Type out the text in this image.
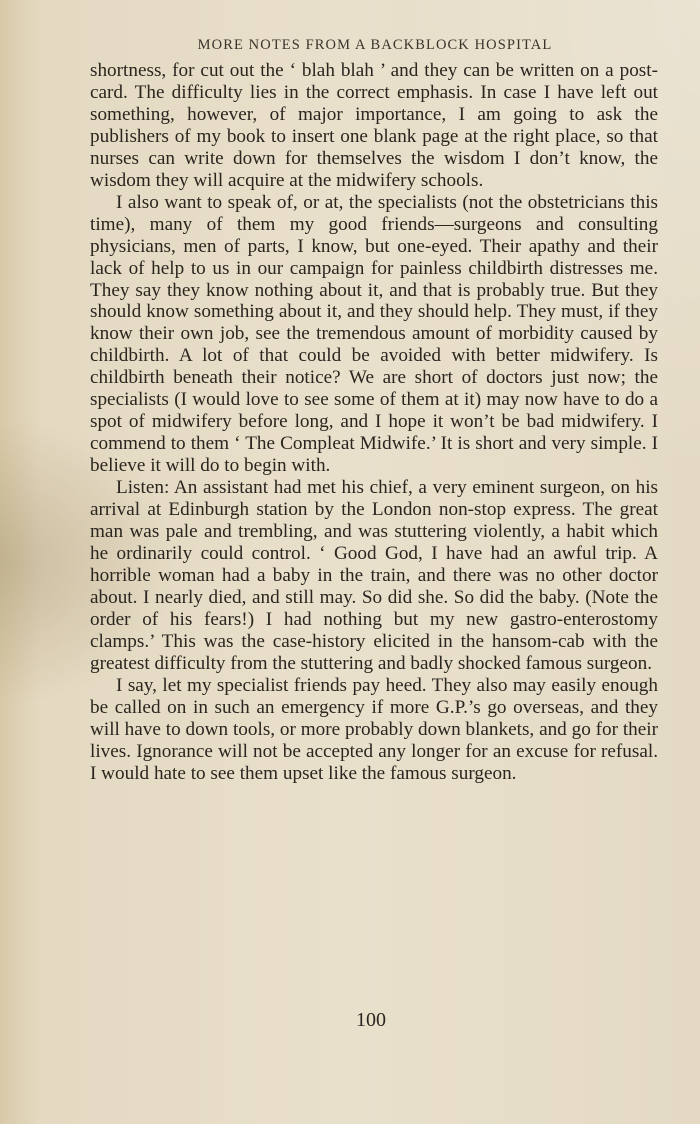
MORE NOTES FROM A BACKBLOCK HOSPITAL

shortness, for cut out the ‘ blah blah ’ and they can be written on a post-card. The difficulty lies in the correct emphasis. In case I have left out something, however, of major importance, I am going to ask the publishers of my book to insert one blank page at the right place, so that nurses can write down for themselves the wisdom I don’t know, the wisdom they will acquire at the midwifery schools.

I also want to speak of, or at, the specialists (not the obstetricians this time), many of them my good friends—surgeons and consulting physicians, men of parts, I know, but one-eyed. Their apathy and their lack of help to us in our campaign for painless childbirth distresses me. They say they know nothing about it, and that is probably true. But they should know something about it, and they should help. They must, if they know their own job, see the tremendous amount of morbidity caused by childbirth. A lot of that could be avoided with better midwifery. Is childbirth beneath their notice? We are short of doctors just now; the specialists (I would love to see some of them at it) may now have to do a spot of midwifery before long, and I hope it won’t be bad midwifery. I commend to them ‘ The Compleat Midwife.’ It is short and very simple. I believe it will do to begin with.

Listen: An assistant had met his chief, a very eminent surgeon, on his arrival at Edinburgh station by the London non-stop express. The great man was pale and trembling, and was stuttering violently, a habit which he ordinarily could control. ‘ Good God, I have had an awful trip. A horrible woman had a baby in the train, and there was no other doctor about. I nearly died, and still may. So did she. So did the baby. (Note the order of his fears!) I had nothing but my new gastro-enterostomy clamps.’ This was the case-history elicited in the hansom-cab with the greatest difficulty from the stuttering and badly shocked famous surgeon.

I say, let my specialist friends pay heed. They also may easily enough be called on in such an emergency if more G.P.’s go overseas, and they will have to down tools, or more probably down blankets, and go for their lives. Ignorance will not be accepted any longer for an excuse for refusal. I would hate to see them upset like the famous surgeon.

100
